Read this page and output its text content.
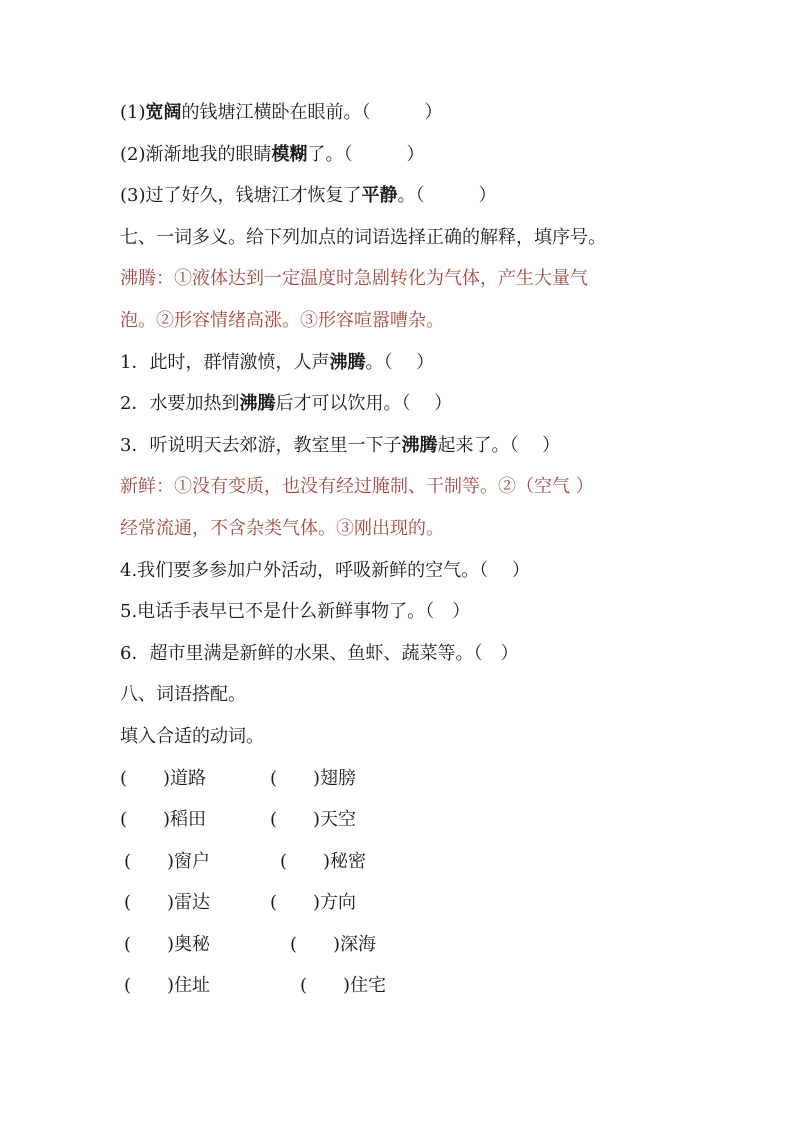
(1)宽阔的钱塘江横卧在眼前。（　　　）
(2)渐渐地我的眼睛模糊了。（　　　）
(3)过了好久，钱塘江才恢复了平静。（　　　）
七、一词多义。给下列加点的词语选择正确的解释，填序号。
沸腾：①液体达到一定温度时急剧转化为气体，产生大量气
泡。②形容情绪高涨。③形容喧嚣嘈杂。
1．此时，群情激愤，人声沸腾。（　 ）
2．水要加热到沸腾后才可以饮用。（　 ）
3．听说明天去郊游，教室里一下子沸腾起来了。（　 ）
新鲜：①没有变质，也没有经过腌制、干制等。②（空气 ）
经常流通，不含杂类气体。③刚出现的。
4.我们要多参加户外活动，呼吸新鲜的空气。（　 ）
5.电话手表早已不是什么新鲜事物了。（　）
6．超市里满是新鲜的水果、鱼虾、蔬菜等。（　）
八、词语搭配。
填入合适的动词。
(　　)道路	(　　)翅膀
(　　)稻田	(　　)天空
(　　)窗户	(　　)秘密
(　　)雷达	(　　)方向
(　　)奥秘	(　　)深海
(　　)住址	(　　)住宅
